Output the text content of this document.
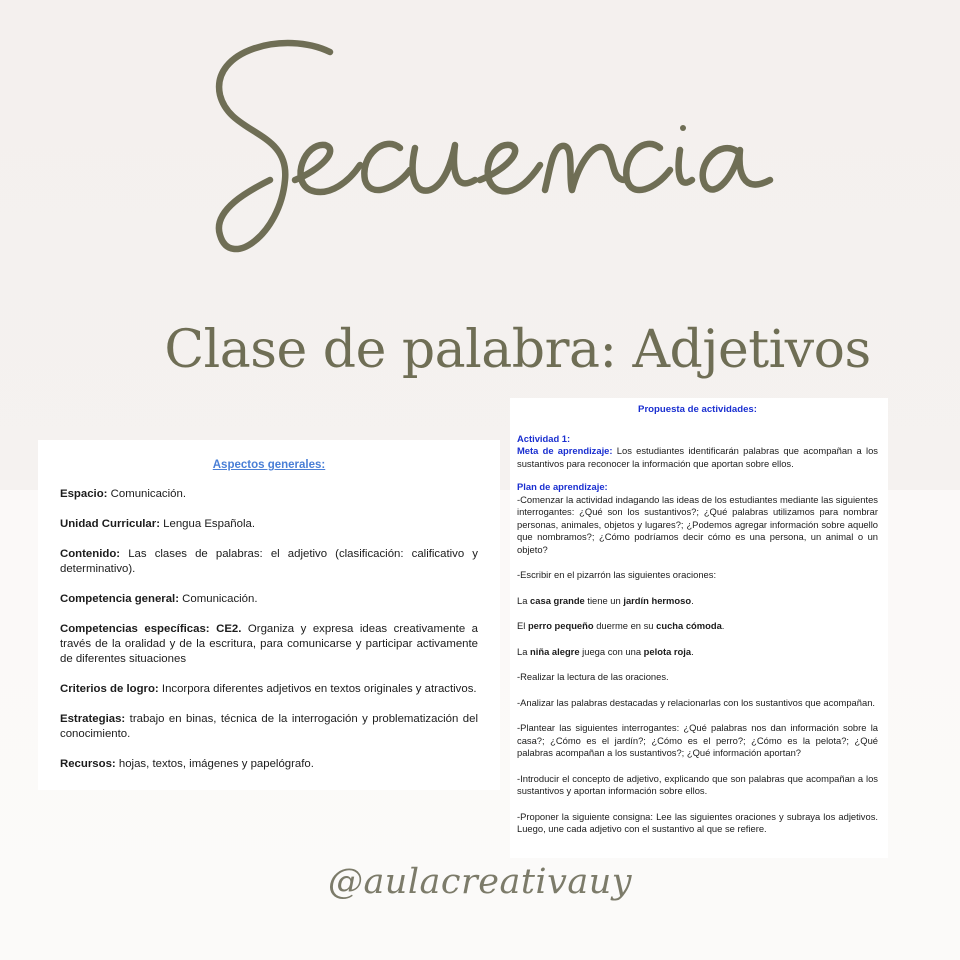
Clase de palabra: Adjetivos
Aspectos generales:

Espacio: Comunicación.

Unidad Curricular: Lengua Española.

Contenido: Las clases de palabras: el adjetivo (clasificación: calificativo y determinativo).

Competencia general: Comunicación.

Competencias específicas: CE2. Organiza y expresa ideas creativamente a través de la oralidad y de la escritura, para comunicarse y participar activamente de diferentes situaciones

Criterios de logro: Incorpora diferentes adjetivos en textos originales y atractivos.

Estrategias: trabajo en binas, técnica de la interrogación y problematización del conocimiento.

Recursos: hojas, textos, imágenes y papelógrafo.

Propuesta de actividades:
Actividad 1:
Meta de aprendizaje: Los estudiantes identificarán palabras que acompañan a los sustantivos para reconocer la información que aportan sobre ellos.
Plan de aprendizaje:
-Comenzar la actividad indagando las ideas de los estudiantes mediante las siguientes interrogantes: ¿Qué son los sustantivos?; ¿Qué palabras utilizamos para nombrar personas, animales, objetos y lugares?; ¿Podemos agregar información sobre aquello que nombramos?; ¿Cómo podríamos decir cómo es una persona, un animal o un objeto?

-Escribir en el pizarrón las siguientes oraciones:

La casa grande tiene un jardín hermoso.

El perro pequeño duerme en su cucha cómoda.

La niña alegre juega con una pelota roja.

-Realizar la lectura de las oraciones.

-Analizar las palabras destacadas y relacionarlas con los sustantivos que acompañan.

-Plantear las siguientes interrogantes: ¿Qué palabras nos dan información sobre la casa?; ¿Cómo es el jardín?; ¿Cómo es el perro?; ¿Cómo es la pelota?; ¿Qué palabras acompañan a los sustantivos?; ¿Qué información aportan?

-Introducir el concepto de adjetivo, explicando que son palabras que acompañan a los sustantivos y aportan información sobre ellos.

-Proponer la siguiente consigna: Lee las siguientes oraciones y subraya los adjetivos. Luego, une cada adjetivo con el sustantivo al que se refiere.

@aulacreativauy
